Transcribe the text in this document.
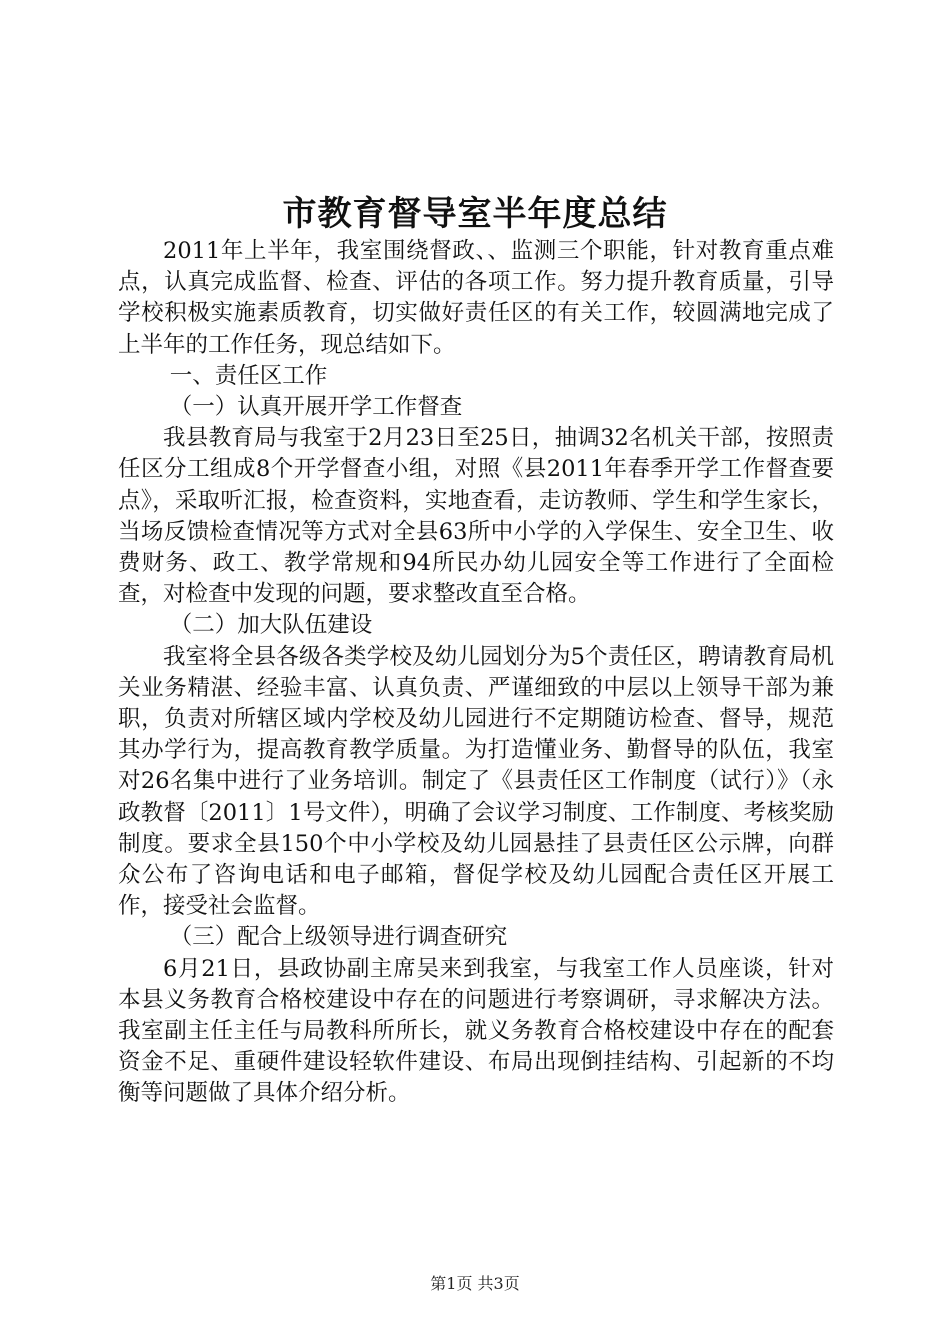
市教育督导室半年度总结

2011年上半年，我室围绕督政、、监测三个职能，针对教育重点难点，认真完成监督、检查、评估的各项工作。努力提升教育质量，引导学校积极实施素质教育，切实做好责任区的有关工作，较圆满地完成了上半年的工作任务，现总结如下。

一、责任区工作

（一）认真开展开学工作督查

我县教育局与我室于2月23日至25日，抽调32名机关干部，按照责任区分工组成8个开学督查小组，对照《县2011年春季开学工作督查要点》，采取听汇报，检查资料，实地查看，走访教师、学生和学生家长，当场反馈检查情况等方式对全县63所中小学的入学保生、安全卫生、收费财务、政工、教学常规和94所民办幼儿园安全等工作进行了全面检查，对检查中发现的问题，要求整改直至合格。

（二）加大队伍建设

我室将全县各级各类学校及幼儿园划分为5个责任区，聘请教育局机关业务精湛、经验丰富、认真负责、严谨细致的中层以上领导干部为兼职，负责对所辖区域内学校及幼儿园进行不定期随访检查、督导，规范其办学行为，提高教育教学质量。为打造懂业务、勤督导的队伍，我室对26名集中进行了业务培训。制定了《县责任区工作制度（试行）》（永政教督〔2011〕1号文件），明确了会议学习制度、工作制度、考核奖励制度。要求全县150个中小学校及幼儿园悬挂了县责任区公示牌，向群众公布了咨询电话和电子邮箱，督促学校及幼儿园配合责任区开展工作，接受社会监督。

（三）配合上级领导进行调查研究

6月21日，县政协副主席吴来到我室，与我室工作人员座谈，针对本县义务教育合格校建设中存在的问题进行考察调研，寻求解决方法。我室副主任主任与局教科所所长，就义务教育合格校建设中存在的配套资金不足、重硬件建设轻软件建设、布局出现倒挂结构、引起新的不均衡等问题做了具体介绍分析。

第1页 共3页
